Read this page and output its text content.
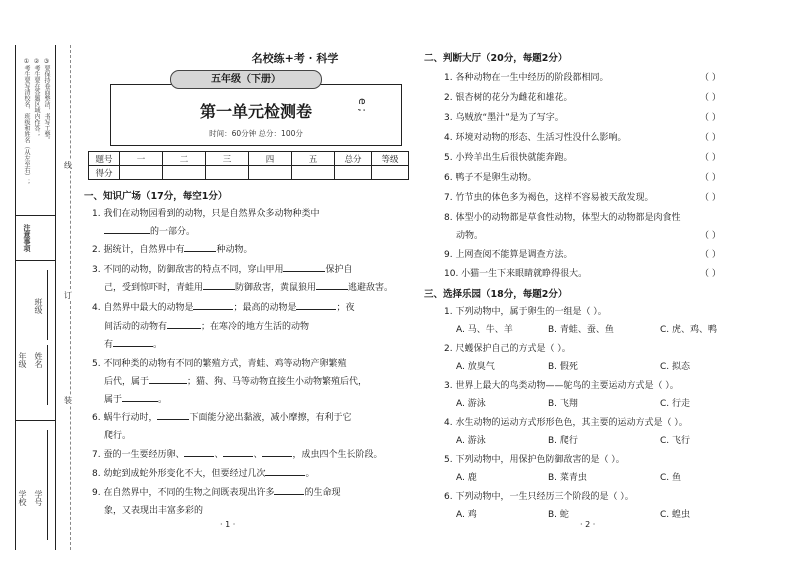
①考生要写清校名、班级和姓名（从左至右）； ②考生要在答题区域内作答； ③要保持卷面整洁，书写工整。
注意事项
班级
年级 姓名
学校 学号
线
订
装
名校练+考 · 科学
五年级（下册）
第一单元检测卷
时间：60分钟 总分：100分
e ;
题号	一	二	三	四	五	总分	等级
得分							
一、知识广场（17分，每空1分）
1. 我们在动物园看到的动物，只是自然界众多动物种类中
的一部分。
2. 据统计，自然界中有	种动物。
3. 不同的动物，防御敌害的特点不同，穿山甲用	保护自
己，受到惊吓时，青蛙用	防御敌害，黄鼠狼用	逃避敌害。
4. 自然界中最大的动物是	；最高的动物是	；夜
间活动的动物有	；在寒冷的地方生活的动物
有	。
5. 不同种类的动物有不同的繁殖方式，青蛙、鸡等动物产卵繁殖
后代，属于	；猫、狗、马等动物直接生小动物繁殖后代，
属于	。
6. 蜗牛行动时，	下面能分泌出黏液，减小摩擦，有利于它
爬行。
7. 蚕的一生要经历卵、	、	、	，成虫四个生长阶段。
8. 幼蛇到成蛇外形变化不大，但要经过几次	。
9. 在自然界中，不同的生物之间既表现出许多	的生命现
象，又表现出丰富多彩的
· 1 ·
二、判断大厅（20分，每题2分）
1. 各种动物在一生中经历的阶段都相同。	（ ）
2. 银杏树的花分为雌花和雄花。	（ ）
3. 乌贼放“墨汁”是为了写字。	（ ）
4. 环境对动物的形态、生活习性没什么影响。	（ ）
5. 小羚羊出生后很快就能奔跑。	（ ）
6. 鸭子不是卵生动物。	（ ）
7. 竹节虫的体色多为褐色，这样不容易被天敌发现。	（ ）
8. 体型小的动物都是草食性动物，体型大的动物都是肉食性
动物。	（ ）
9. 上网查阅不能算是调查方法。	（ ）
10. 小猫一生下来眼睛就睁得很大。	（ ）
三、选择乐园（18分，每题2分）
1. 下列动物中，属于卵生的一组是（ ）。
A. 马、牛、羊	B. 青蛙、蚕、鱼	C. 虎、鸡、鸭
2. 尺蠖保护自己的方式是（ ）。
A. 放臭气	B. 假死	C. 拟态
3. 世界上最大的鸟类动物——鸵鸟的主要运动方式是（ ）。
A. 游泳	B. 飞翔	C. 行走
4. 水生动物的运动方式形形色色，其主要的运动方式是（ ）。
A. 游泳	B. 爬行	C. 飞行
5. 下列动物中，用保护色防御敌害的是（ ）。
A. 鹿	B. 菜青虫	C. 鱼
6. 下列动物中，一生只经历三个阶段的是（ ）。
A. 鸡	B. 蛇	C. 蝗虫
· 2 ·
